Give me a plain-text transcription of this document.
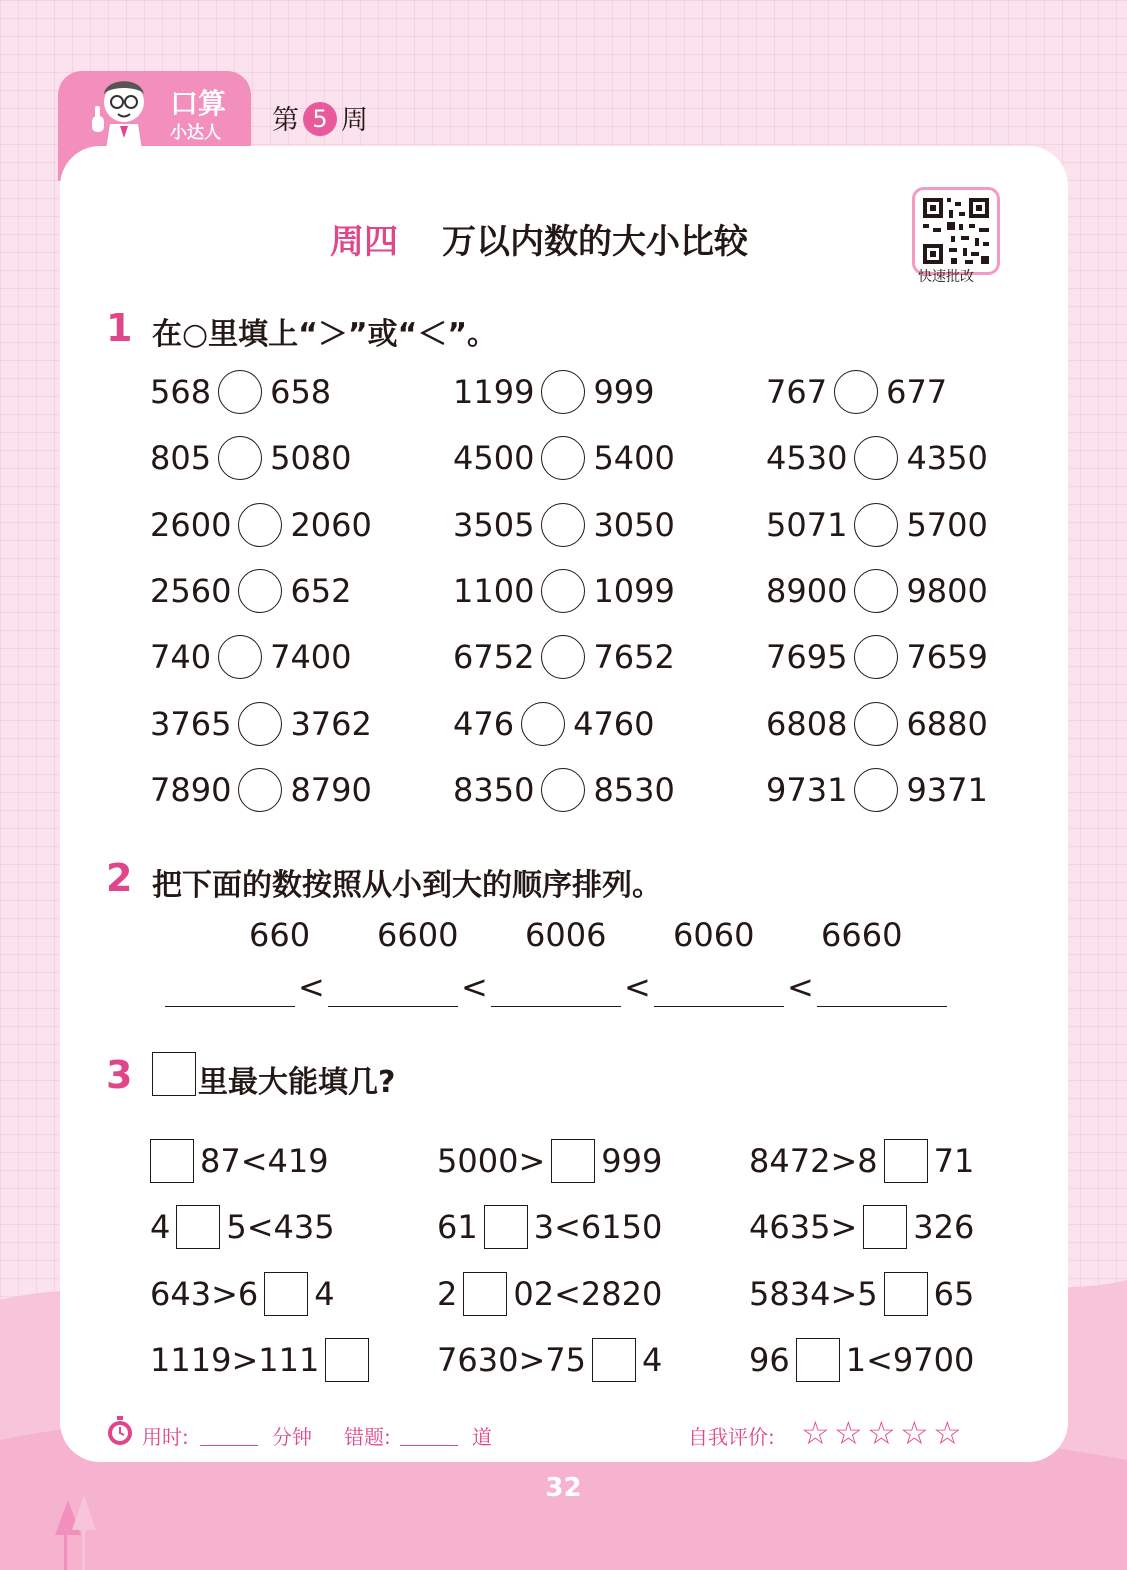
口算
小达人 第 5 周
周四 万以内数的大小比较
快速批改
1 在○里填上“＞”或“＜”。
568 658	1199 999	767 677
805 5080	4500 5400	4530 4350
2600 2060	3505 3050	5071 5700
2560 652	1100 1099	8900 9800
740 7400	6752 7652	7695 7659
3765 3762	476 4760	6808 6880
7890 8790	8350 8530	9731 9371
2 把下面的数按照从小到大的顺序排列。
660 6600 6006 6060 6660
<	<	<	<
3 里最大能填几?
87<419	5000> 999	8472>8 71
4 5<435	61 3<6150	4635> 326
643>6 4	2 02<2820	5834>5 65
1119>111	7630>75 4	96 1<9700
用时:	分钟 错题:	道	自我评价: ☆ ☆ ☆ ☆ ☆
32
